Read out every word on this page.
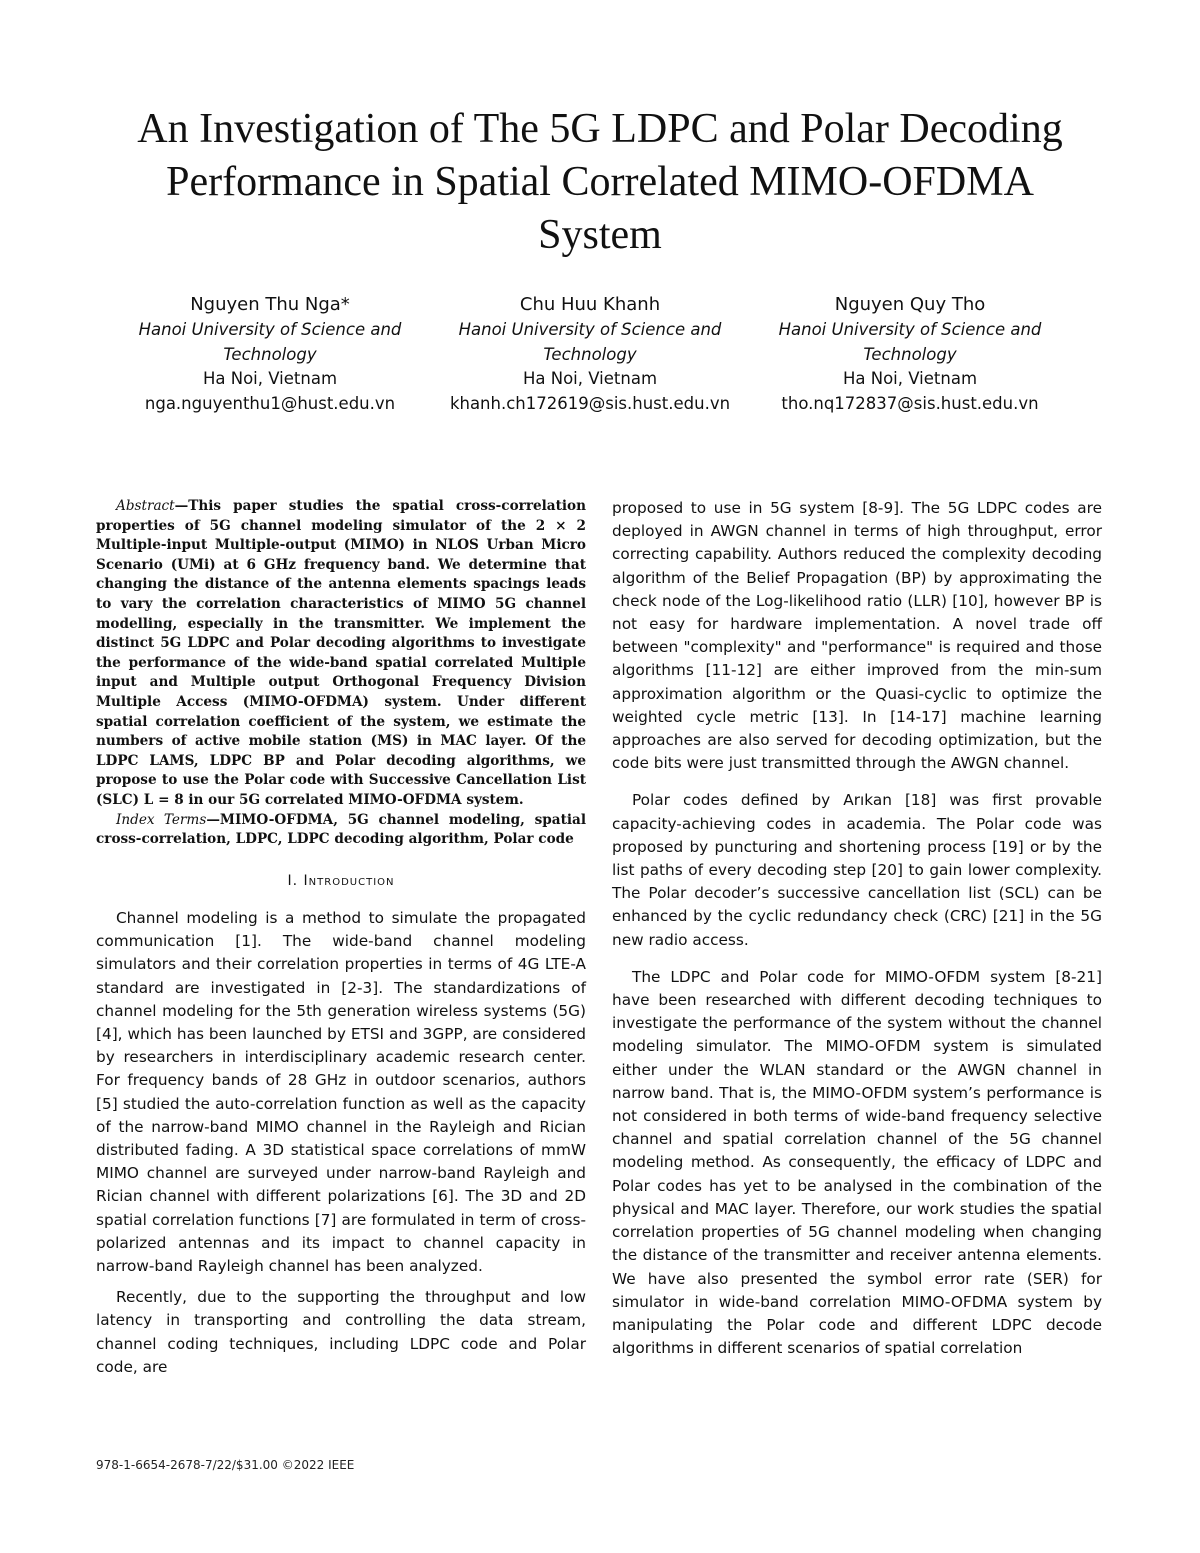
An Investigation of The 5G LDPC and Polar Decoding Performance in Spatial Correlated MIMO-OFDMA System
Nguyen Thu Nga*
Hanoi University of Science and
Technology
Ha Noi, Vietnam
nga.nguyenthu1@hust.edu.vn
Chu Huu Khanh
Hanoi University of Science and
Technology
Ha Noi, Vietnam
khanh.ch172619@sis.hust.edu.vn
Nguyen Quy Tho
Hanoi University of Science and
Technology
Ha Noi, Vietnam
tho.nq172837@sis.hust.edu.vn

Abstract—This paper studies the spatial cross-correlation properties of 5G channel modeling simulator of the 2 × 2 Multiple-input Multiple-output (MIMO) in NLOS Urban Micro Scenario (UMi) at 6 GHz frequency band. We determine that changing the distance of the antenna elements spacings leads to vary the correlation characteristics of MIMO 5G channel modelling, especially in the transmitter. We implement the distinct 5G LDPC and Polar decoding algorithms to investigate the performance of the wide-band spatial correlated Multiple input and Multiple output Orthogonal Frequency Division Multiple Access (MIMO-OFDMA) system. Under different spatial correlation coefficient of the system, we estimate the numbers of active mobile station (MS) in MAC layer. Of the LDPC LAMS, LDPC BP and Polar decoding algorithms, we propose to use the Polar code with Successive Cancellation List (SLC) L = 8 in our 5G correlated MIMO-OFDMA system.

Index Terms—MIMO-OFDMA, 5G channel modeling, spatial cross-correlation, LDPC, LDPC decoding algorithm, Polar code

I. Introduction

Channel modeling is a method to simulate the propagated communication [1]. The wide-band channel modeling simulators and their correlation properties in terms of 4G LTE-A standard are investigated in [2-3]. The standardizations of channel modeling for the 5th generation wireless systems (5G) [4], which has been launched by ETSI and 3GPP, are considered by researchers in interdisciplinary academic research center. For frequency bands of 28 GHz in outdoor scenarios, authors [5] studied the auto-correlation function as well as the capacity of the narrow-band MIMO channel in the Rayleigh and Rician distributed fading. A 3D statistical space correlations of mmW MIMO channel are surveyed under narrow-band Rayleigh and Rician channel with different polarizations [6]. The 3D and 2D spatial correlation functions [7] are formulated in term of cross-polarized antennas and its impact to channel capacity in narrow-band Rayleigh channel has been analyzed.

Recently, due to the supporting the throughput and low latency in transporting and controlling the data stream, channel coding techniques, including LDPC code and Polar code, are

proposed to use in 5G system [8-9]. The 5G LDPC codes are deployed in AWGN channel in terms of high throughput, error correcting capability. Authors reduced the complexity decoding algorithm of the Belief Propagation (BP) by approximating the check node of the Log-likelihood ratio (LLR) [10], however BP is not easy for hardware implementation. A novel trade off between "complexity" and "performance" is required and those algorithms [11-12] are either improved from the min-sum approximation algorithm or the Quasi-cyclic to optimize the weighted cycle metric [13]. In [14-17] machine learning approaches are also served for decoding optimization, but the code bits were just transmitted through the AWGN channel.

Polar codes defined by Arıkan [18] was first provable capacity-achieving codes in academia. The Polar code was proposed by puncturing and shortening process [19] or by the list paths of every decoding step [20] to gain lower complexity. The Polar decoder’s successive cancellation list (SCL) can be enhanced by the cyclic redundancy check (CRC) [21] in the 5G new radio access.

The LDPC and Polar code for MIMO-OFDM system [8-21] have been researched with different decoding techniques to investigate the performance of the system without the channel modeling simulator. The MIMO-OFDM system is simulated either under the WLAN standard or the AWGN channel in narrow band. That is, the MIMO-OFDM system’s performance is not considered in both terms of wide-band frequency selective channel and spatial correlation channel of the 5G channel modeling method. As consequently, the efficacy of LDPC and Polar codes has yet to be analysed in the combination of the physical and MAC layer. Therefore, our work studies the spatial correlation properties of 5G channel modeling when changing the distance of the transmitter and receiver antenna elements. We have also presented the symbol error rate (SER) for simulator in wide-band correlation MIMO-OFDMA system by manipulating the Polar code and different LDPC decode algorithms in different scenarios of spatial correlation

978-1-6654-2678-7/22/$31.00 ©2022 IEEE
